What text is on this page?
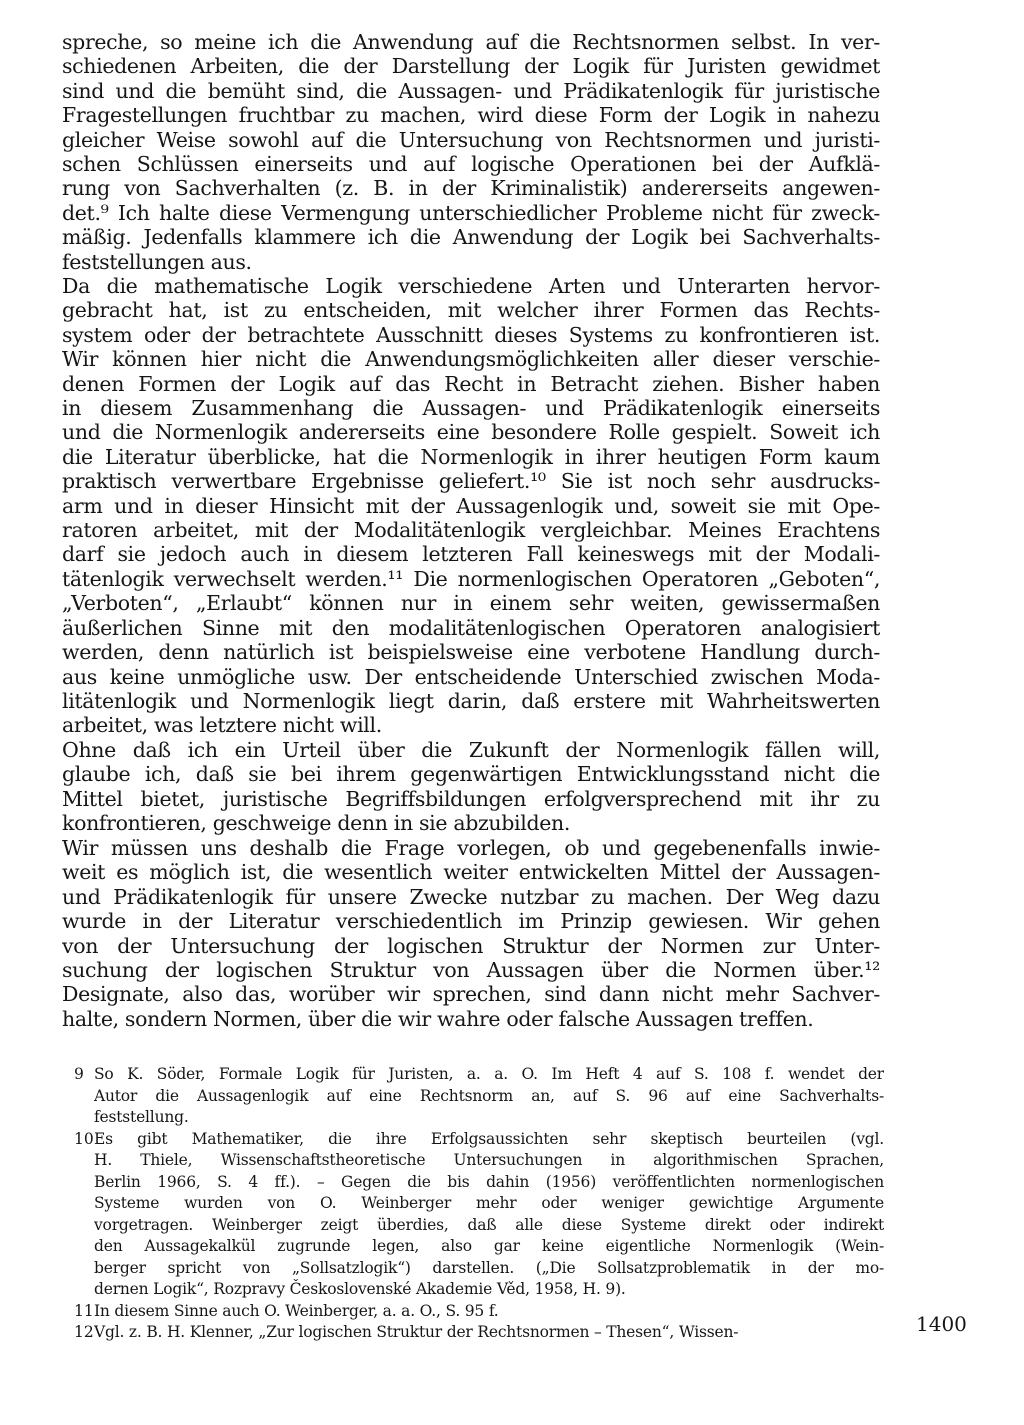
spreche, so meine ich die Anwendung auf die Rechtsnormen selbst. In ver-
schiedenen Arbeiten, die der Darstellung der Logik für Juristen gewidmet
sind und die bemüht sind, die Aussagen- und Prädikatenlogik für juristische
Fragestellungen fruchtbar zu machen, wird diese Form der Logik in nahezu
gleicher Weise sowohl auf die Untersuchung von Rechtsnormen und juristi-
schen Schlüssen einerseits und auf logische Operationen bei der Aufklä-
rung von Sachverhalten (z. B. in der Kriminalistik) andererseits angewen-
det.⁹ Ich halte diese Vermengung unterschiedlicher Probleme nicht für zweck-
mäßig. Jedenfalls klammere ich die Anwendung der Logik bei Sachverhalts-
feststellungen aus.
Da die mathematische Logik verschiedene Arten und Unterarten hervor-
gebracht hat, ist zu entscheiden, mit welcher ihrer Formen das Rechts-
system oder der betrachtete Ausschnitt dieses Systems zu konfrontieren ist.
Wir können hier nicht die Anwendungsmöglichkeiten aller dieser verschie-
denen Formen der Logik auf das Recht in Betracht ziehen. Bisher haben
in diesem Zusammenhang die Aussagen- und Prädikatenlogik einerseits
und die Normenlogik andererseits eine besondere Rolle gespielt. Soweit ich
die Literatur überblicke, hat die Normenlogik in ihrer heutigen Form kaum
praktisch verwertbare Ergebnisse geliefert.¹⁰ Sie ist noch sehr ausdrucks-
arm und in dieser Hinsicht mit der Aussagenlogik und, soweit sie mit Ope-
ratoren arbeitet, mit der Modalitätenlogik vergleichbar. Meines Erachtens
darf sie jedoch auch in diesem letzteren Fall keineswegs mit der Modali-
tätenlogik verwechselt werden.¹¹ Die normenlogischen Operatoren „Geboten“,
„Verboten“, „Erlaubt“ können nur in einem sehr weiten, gewissermaßen
äußerlichen Sinne mit den modalitätenlogischen Operatoren analogisiert
werden, denn natürlich ist beispielsweise eine verbotene Handlung durch-
aus keine unmögliche usw. Der entscheidende Unterschied zwischen Moda-
litätenlogik und Normenlogik liegt darin, daß erstere mit Wahrheitswerten
arbeitet, was letztere nicht will.
Ohne daß ich ein Urteil über die Zukunft der Normenlogik fällen will,
glaube ich, daß sie bei ihrem gegenwärtigen Entwicklungsstand nicht die
Mittel bietet, juristische Begriffsbildungen erfolgversprechend mit ihr zu
konfrontieren, geschweige denn in sie abzubilden.
Wir müssen uns deshalb die Frage vorlegen, ob und gegebenenfalls inwie-
weit es möglich ist, die wesentlich weiter entwickelten Mittel der Aussagen-
und Prädikatenlogik für unsere Zwecke nutzbar zu machen. Der Weg dazu
wurde in der Literatur verschiedentlich im Prinzip gewiesen. Wir gehen
von der Untersuchung der logischen Struktur der Normen zur Unter-
suchung der logischen Struktur von Aussagen über die Normen über.¹²
Designate, also das, worüber wir sprechen, sind dann nicht mehr Sachver-
halte, sondern Normen, über die wir wahre oder falsche Aussagen treffen.
9 So K. Söder, Formale Logik für Juristen, a. a. O. Im Heft 4 auf S. 108 f. wendet der
Autor die Aussagenlogik auf eine Rechtsnorm an, auf S. 96 auf eine Sachverhalts-
feststellung.
10 Es gibt Mathematiker, die ihre Erfolgsaussichten sehr skeptisch beurteilen (vgl.
H. Thiele, Wissenschaftstheoretische Untersuchungen in algorithmischen Sprachen,
Berlin 1966, S. 4 ff.). – Gegen die bis dahin (1956) veröffentlichten normenlogischen
Systeme wurden von O. Weinberger mehr oder weniger gewichtige Argumente
vorgetragen. Weinberger zeigt überdies, daß alle diese Systeme direkt oder indirekt
den Aussagekalkül zugrunde legen, also gar keine eigentliche Normenlogik (Wein-
berger spricht von „Sollsatzlogik“) darstellen. („Die Sollsatzproblematik in der mo-
dernen Logik“, Rozpravy Československé Akademie Věd, 1958, H. 9).
11 In diesem Sinne auch O. Weinberger, a. a. O., S. 95 f.
12 Vgl. z. B. H. Klenner, „Zur logischen Struktur der Rechtsnormen – Thesen“, Wissen-	1400
